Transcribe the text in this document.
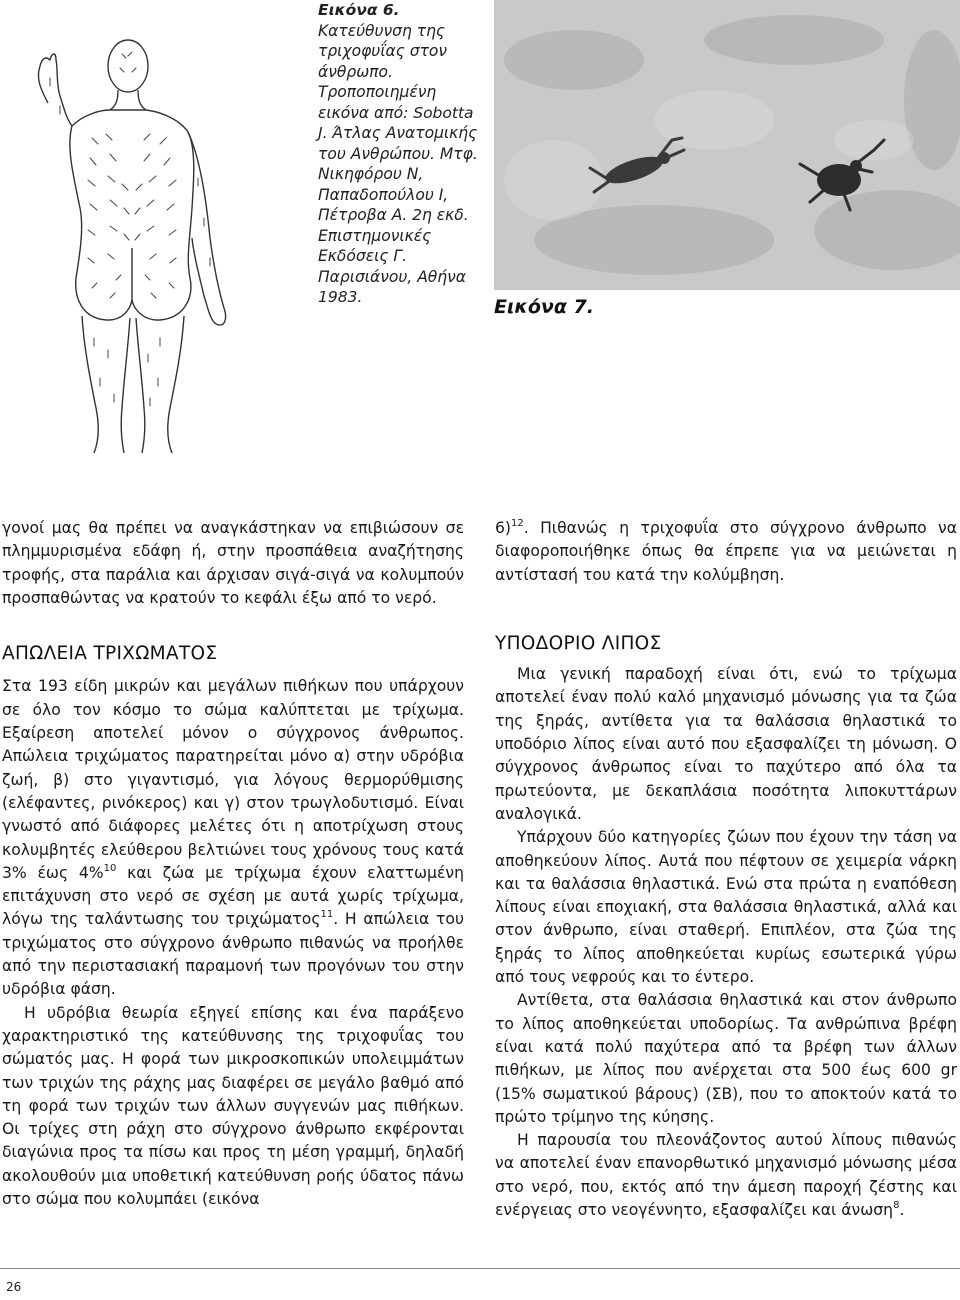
Εικόνα 6. Κατεύθυνση της τριχοφυΐας στον άνθρωπο. Τροποποιημένη εικόνα από: Sobotta J. Άτλας Ανατομικής του Ανθρώπου. Μτφ. Νικηφόρου Ν, Παπαδοπούλου Ι, Πέτροβα Α. 2η εκδ. Επιστημονικές Εκδόσεις Γ. Παρισιάνου, Αθήνα 1983.	Εικόνα 7.

γονοί μας θα πρέπει να αναγκάστηκαν να επιβιώσουν σε πλημμυρισμένα εδάφη ή, στην προσπάθεια αναζήτησης τροφής, στα παράλια και άρχισαν σιγά-σιγά να κολυμπούν προσπαθώντας να κρατούν το κεφάλι έξω από το νερό.

ΑΠΩΛΕΙΑ ΤΡΙΧΩΜΑΤΟΣ

Στα 193 είδη μικρών και μεγάλων πιθήκων που υπάρχουν σε όλο τον κόσμο το σώμα καλύπτεται με τρίχωμα. Εξαίρεση αποτελεί μόνον ο σύγχρονος άνθρωπος. Απώλεια τριχώματος παρατηρείται μόνο α) στην υδρόβια ζωή, β) στο γιγαντισμό, για λόγους θερμορύθμισης (ελέφαντες, ρινόκερος) και γ) στον τρωγλοδυτισμό. Είναι γνωστό από διάφορες μελέτες ότι η αποτρίχωση στους κολυμβητές ελεύθερου βελτιώνει τους χρόνους τους κατά 3% έως 4%$^{10}$ και ζώα με τρίχωμα έχουν ελαττωμένη επιτάχυνση στο νερό σε σχέση με αυτά χωρίς τρίχωμα, λόγω της ταλάντωσης του τριχώματος$^{11}$. Η απώλεια του τριχώματος στο σύγχρονο άνθρωπο πιθανώς να προήλθε από την περιστασιακή παραμονή των προγόνων του στην υδρόβια φάση.

Η υδρόβια θεωρία εξηγεί επίσης και ένα παράξενο χαρακτηριστικό της κατεύθυνσης της τριχοφυΐας του σώματός μας. Η φορά των μικροσκοπικών υπολειμμάτων των τριχών της ράχης μας διαφέρει σε μεγάλο βαθμό από τη φορά των τριχών των άλλων συγγενών μας πιθήκων. Οι τρίχες στη ράχη στο σύγχρονο άνθρωπο εκφέρονται διαγώνια προς τα πίσω και προς τη μέση γραμμή, δηλαδή ακολουθούν μια υποθετική κατεύθυνση ροής ύδατος πάνω στο σώμα που κολυμπάει (εικόνα

6)$^{12}$. Πιθανώς η τριχοφυΐα στο σύγχρονο άνθρωπο να διαφοροποιήθηκε όπως θα έπρεπε για να μειώνεται η αντίστασή του κατά την κολύμβηση.

ΥΠΟΔΟΡΙΟ ΛΙΠΟΣ

Μια γενική παραδοχή είναι ότι, ενώ το τρίχωμα αποτελεί έναν πολύ καλό μηχανισμό μόνωσης για τα ζώα της ξηράς, αντίθετα για τα θαλάσσια θηλαστικά το υποδόριο λίπος είναι αυτό που εξασφαλίζει τη μόνωση. Ο σύγχρονος άνθρωπος είναι το παχύτερο από όλα τα πρωτεύοντα, με δεκαπλάσια ποσότητα λιποκυττάρων αναλογικά.

Υπάρχουν δύο κατηγορίες ζώων που έχουν την τάση να αποθηκεύουν λίπος. Αυτά που πέφτουν σε χειμερία νάρκη και τα θαλάσσια θηλαστικά. Ενώ στα πρώτα η εναπόθεση λίπους είναι εποχιακή, στα θαλάσσια θηλαστικά, αλλά και στον άνθρωπο, είναι σταθερή. Επιπλέον, στα ζώα της ξηράς το λίπος αποθηκεύεται κυρίως εσωτερικά γύρω από τους νεφρούς και το έντερο.

Αντίθετα, στα θαλάσσια θηλαστικά και στον άνθρωπο το λίπος αποθηκεύεται υποδορίως. Τα ανθρώπινα βρέφη είναι κατά πολύ παχύτερα από τα βρέφη των άλλων πιθήκων, με λίπος που ανέρχεται στα 500 έως 600 gr (15% σωματικού βάρους) (ΣΒ), που το αποκτούν κατά το πρώτο τρίμηνο της κύησης.

Η παρουσία του πλεονάζοντος αυτού λίπους πιθανώς να αποτελεί έναν επανορθωτικό μηχανισμό μόνωσης μέσα στο νερό, που, εκτός από την άμεση παροχή ζέστης και ενέργειας στο νεογέννητο, εξασφαλίζει και άνωση$^8$.

26
